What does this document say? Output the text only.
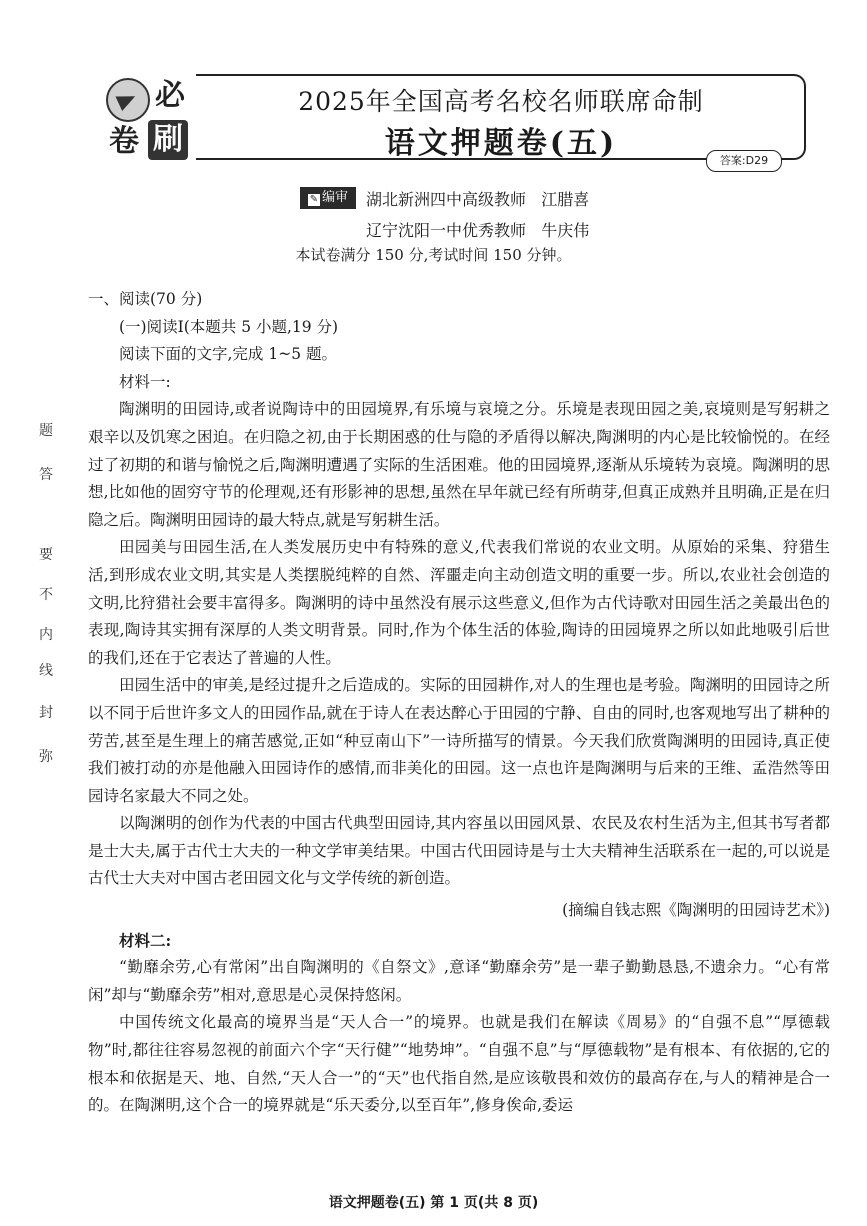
必
卷 刷
2025年全国高考名校名师联席命制
语文押题卷(五)	答案:D29
✎ 编审	湖北新洲四中高级教师   江腊喜
辽宁沈阳一中优秀教师   牛庆伟
本试卷满分 150 分,考试时间 150 分钟。
题
答
要
不
内
线
封
弥

一、阅读(70 分)

(一)阅读Ⅰ(本题共 5 小题,19 分)

阅读下面的文字,完成 1~5 题。

材料一:

陶渊明的田园诗,或者说陶诗中的田园境界,有乐境与哀境之分。乐境是表现田园之美,哀境则是写躬耕之艰辛以及饥寒之困迫。在归隐之初,由于长期困惑的仕与隐的矛盾得以解决,陶渊明的内心是比较愉悦的。在经过了初期的和谐与愉悦之后,陶渊明遭遇了实际的生活困难。他的田园境界,逐渐从乐境转为哀境。陶渊明的思想,比如他的固穷守节的伦理观,还有形影神的思想,虽然在早年就已经有所萌芽,但真正成熟并且明确,正是在归隐之后。陶渊明田园诗的最大特点,就是写躬耕生活。

田园美与田园生活,在人类发展历史中有特殊的意义,代表我们常说的农业文明。从原始的采集、狩猎生活,到形成农业文明,其实是人类摆脱纯粹的自然、浑噩走向主动创造文明的重要一步。所以,农业社会创造的文明,比狩猎社会要丰富得多。陶渊明的诗中虽然没有展示这些意义,但作为古代诗歌对田园生活之美最出色的表现,陶诗其实拥有深厚的人类文明背景。同时,作为个体生活的体验,陶诗的田园境界之所以如此地吸引后世的我们,还在于它表达了普遍的人性。

田园生活中的审美,是经过提升之后造成的。实际的田园耕作,对人的生理也是考验。陶渊明的田园诗之所以不同于后世许多文人的田园作品,就在于诗人在表达醉心于田园的宁静、自由的同时,也客观地写出了耕种的劳苦,甚至是生理上的痛苦感觉,正如“种豆南山下”一诗所描写的情景。今天我们欣赏陶渊明的田园诗,真正使我们被打动的亦是他融入田园诗作的感情,而非美化的田园。这一点也许是陶渊明与后来的王维、孟浩然等田园诗名家最大不同之处。

以陶渊明的创作为代表的中国古代典型田园诗,其内容虽以田园风景、农民及农村生活为主,但其书写者都是士大夫,属于古代士大夫的一种文学审美结果。中国古代田园诗是与士大夫精神生活联系在一起的,可以说是古代士大夫对中国古老田园文化与文学传统的新创造。

(摘编自钱志熙《陶渊明的田园诗艺术》)

材料二:

“勤靡余劳,心有常闲”出自陶渊明的《自祭文》,意译“勤靡余劳”是一辈子勤勤恳恳,不遗余力。“心有常闲”却与“勤靡余劳”相对,意思是心灵保持悠闲。

中国传统文化最高的境界当是“天人合一”的境界。也就是我们在解读《周易》的“自强不息”“厚德载物”时,都往往容易忽视的前面六个字“天行健”“地势坤”。“自强不息”与“厚德载物”是有根本、有依据的,它的根本和依据是天、地、自然,“天人合一”的“天”也代指自然,是应该敬畏和效仿的最高存在,与人的精神是合一的。在陶渊明,这个合一的境界就是“乐天委分,以至百年”,修身俟命,委运

语文押题卷(五) 第 1 页(共 8 页)
